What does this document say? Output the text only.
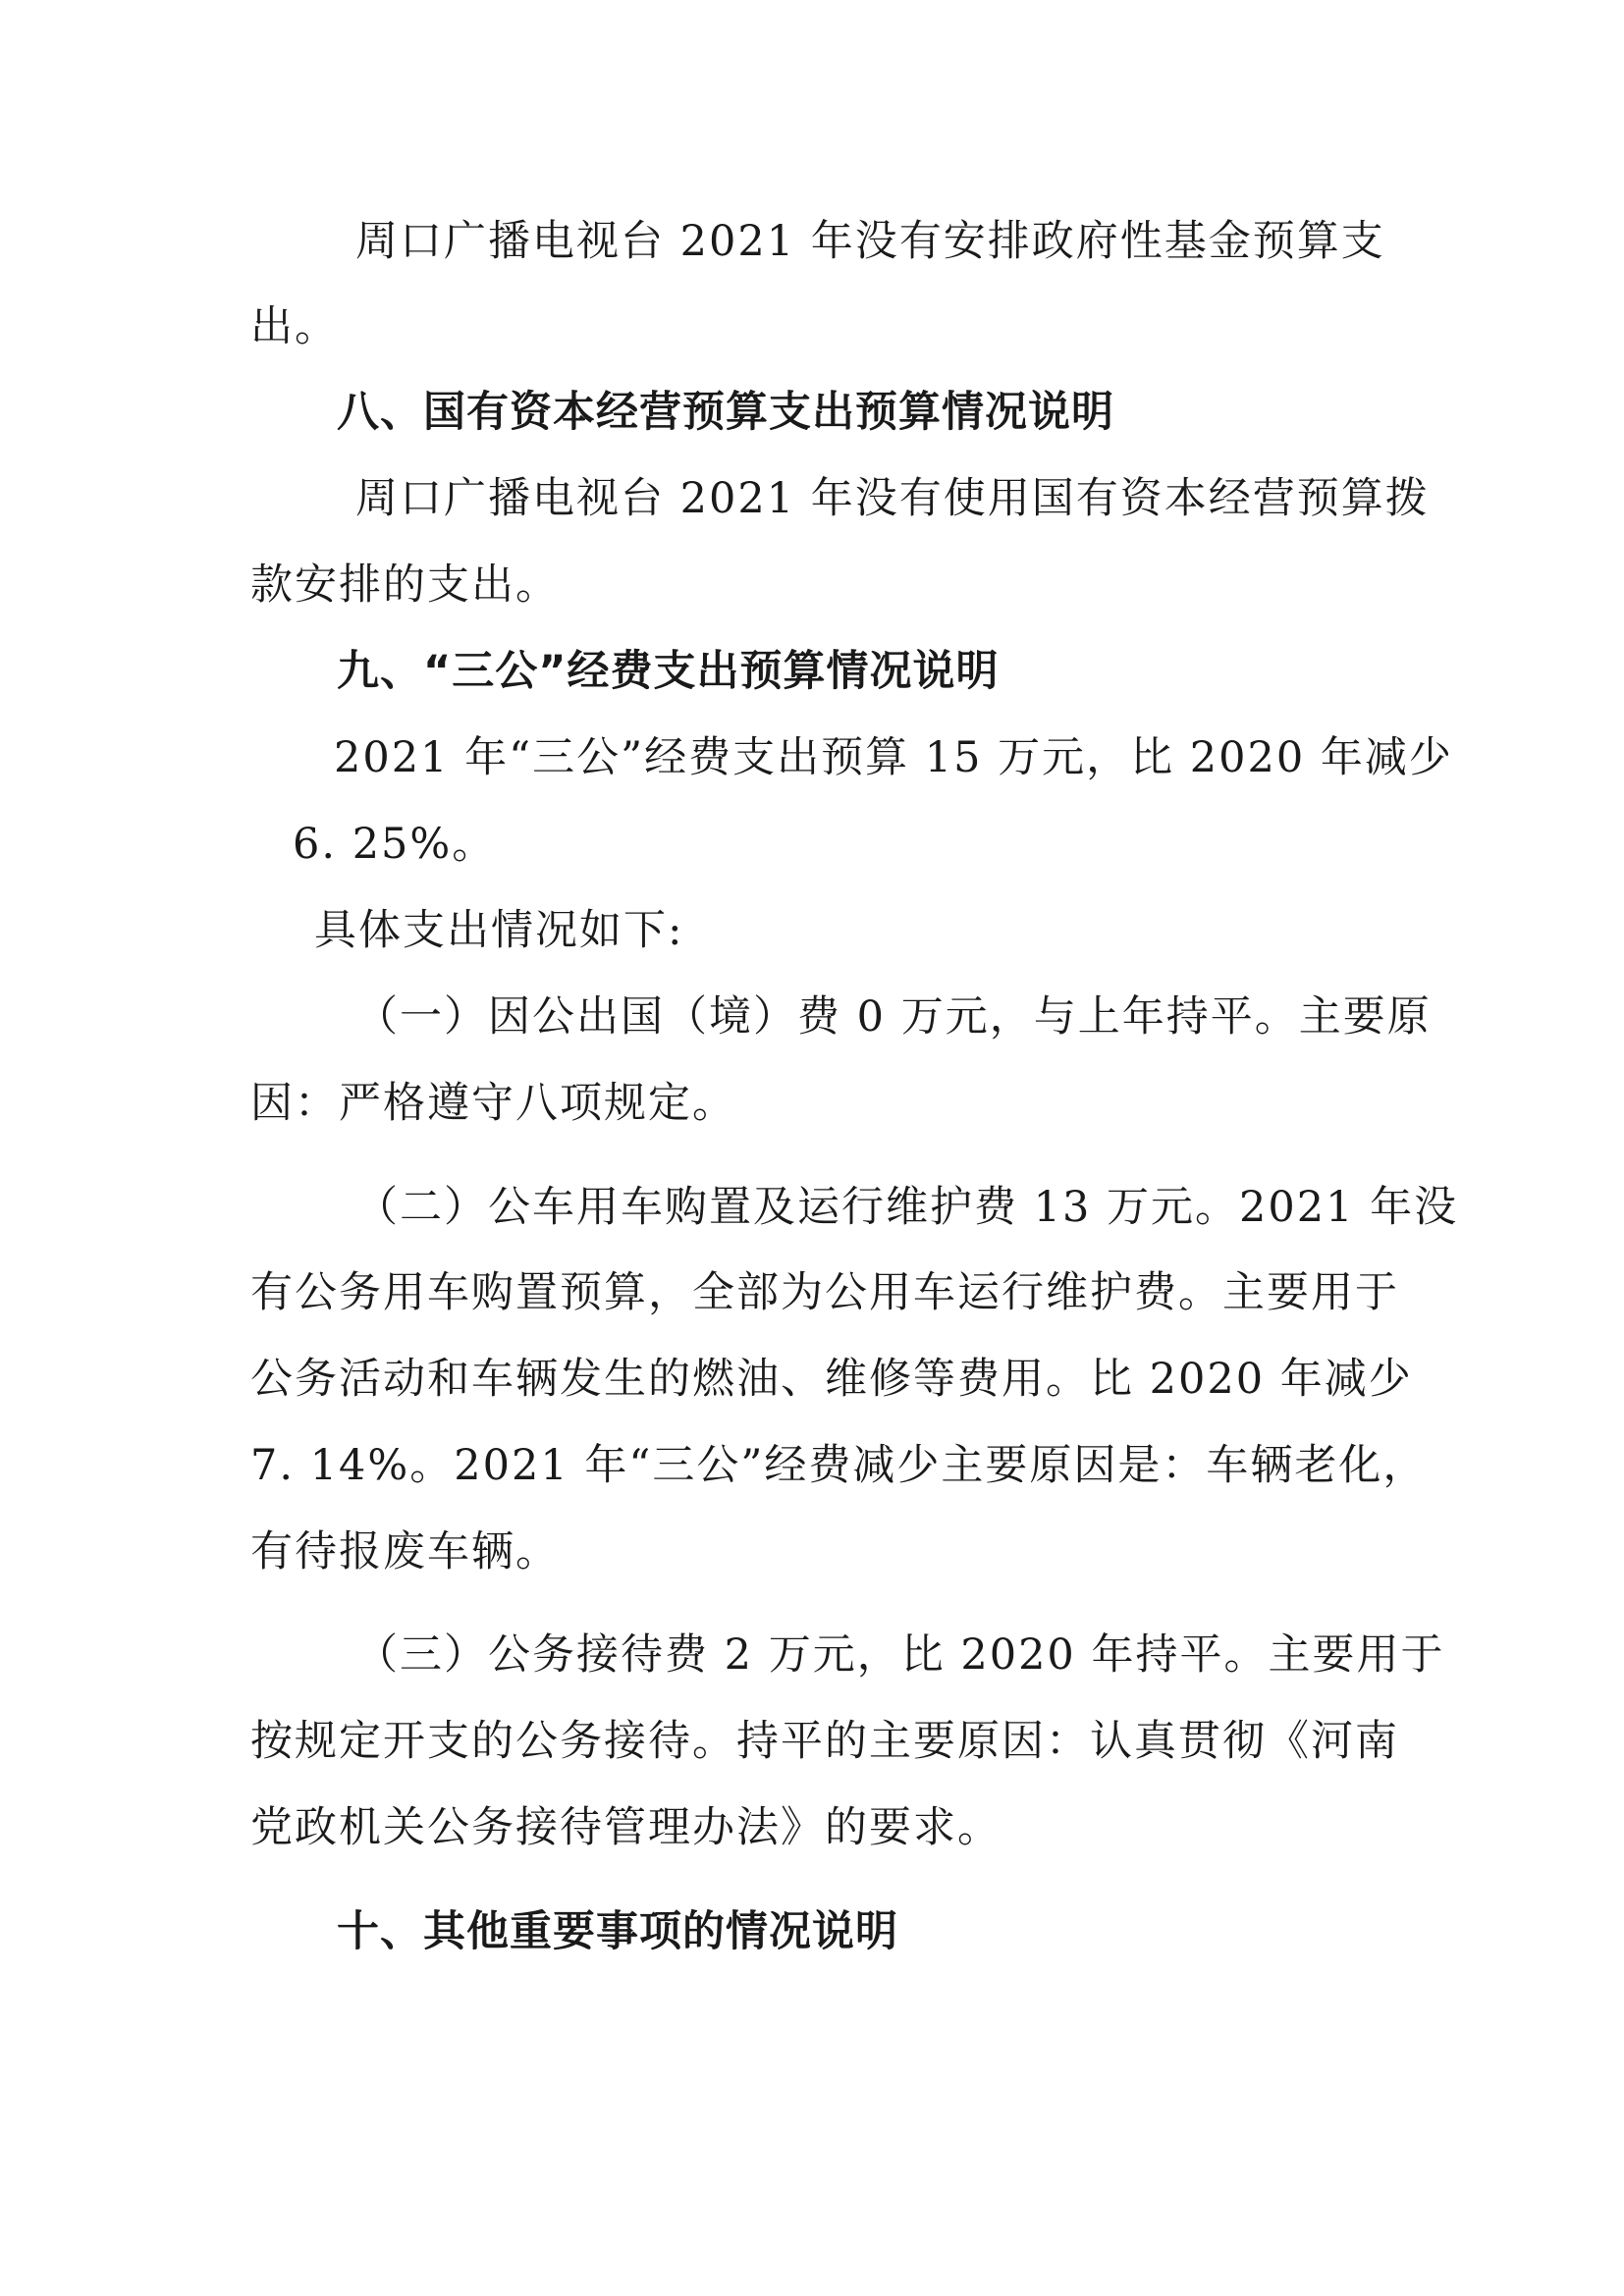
周口广播电视台 2021 年没有安排政府性基金预算支
出。
八、国有资本经营预算支出预算情况说明
周口广播电视台 2021 年没有使用国有资本经营预算拨
款安排的支出。
九、“三公”经费支出预算情况说明
2021 年“三公”经费支出预算 15 万元，比 2020 年减少
6. 25%。
具体支出情况如下:
（一）因公出国（境）费 0 万元，与上年持平。主要原
因：严格遵守八项规定。
（二）公车用车购置及运行维护费 13 万元。2021 年没
有公务用车购置预算，全部为公用车运行维护费。主要用于
公务活动和车辆发生的燃油、维修等费用。比 2020 年减少
7. 14%。2021 年“三公”经费减少主要原因是：车辆老化，
有待报废车辆。
（三）公务接待费 2 万元，比 2020 年持平。主要用于
按规定开支的公务接待。持平的主要原因：认真贯彻《河南
党政机关公务接待管理办法》的要求。
十、其他重要事项的情况说明
